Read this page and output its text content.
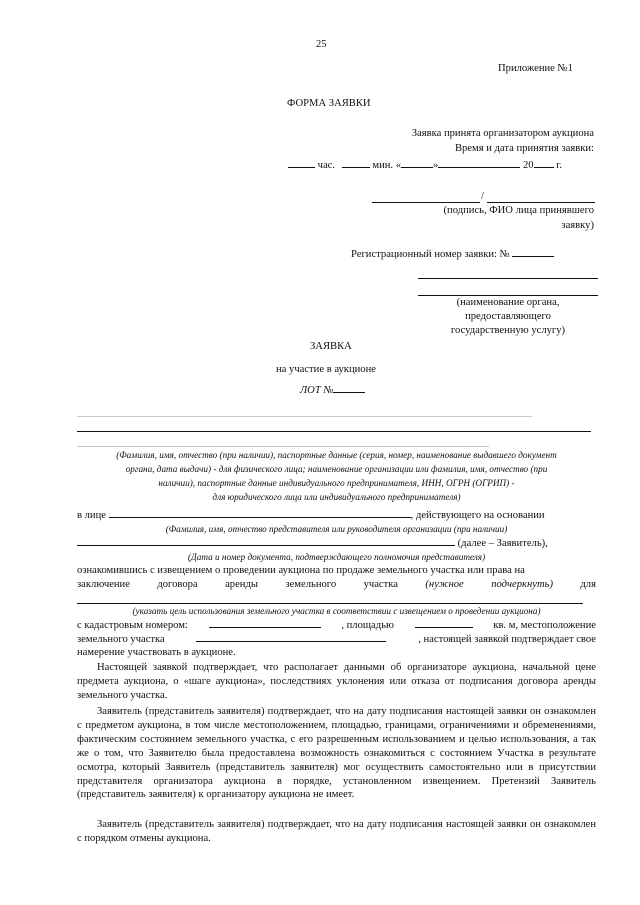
25
Приложение №1
ФОРМА ЗАЯВКИ
Заявка принята организатором аукциона
Время и дата принятия заявки:
час.	мин. «	»	20 г.
/
(подпись, ФИО лица принявшего
заявку)
Регистрационный номер заявки: №
(наименование органа,
предоставляющего
государственную услугу)
ЗАЯВКА
на участие в аукционе
ЛОТ №
(Фамилия, имя, отчество (при наличии), паспортные данные (серия, номер, наименование выдавшего документ
органа, дата выдачи) - для физического лица; наименование организации или фамилия, имя, отчество (при
наличии), паспортные данные индивидуального предпринимателя, ИНН, ОГРН (ОГРИП) -
для юридического лица или индивидуального предпринимателя)
в лице	, действующего на основании
(Фамилия, имя, отчество представителя или руководителя организации (при наличии)
(далее – Заявитель),
(Дата и номер документа, подтверждающего полномочия представителя)
ознакомившись с извещением о проведении аукциона по продаже земельного участка или права на
заключение	договора	аренды	земельного	участка	(нужное	подчеркнуть)	для
(указать цель использования земельного участка в соответствии с извещением о проведении аукциона)
с кадастровым номером:	, площадью	кв. м, местоположение
земельного участка	, настоящей заявкой подтверждает свое
намерение участвовать в аукционе.
Настоящей заявкой подтверждает, что располагает данными об организаторе аукциона, начальной цене предмета аукциона, о «шаге аукциона», последствиях уклонения или отказа от подписания договора аренды земельного участка.
Заявитель (представитель заявителя) подтверждает, что на дату подписания настоящей заявки он ознакомлен с предметом аукциона, в том числе местоположением, площадью, границами, ограничениями и обременениями, фактическим состоянием земельного участка, с его разрешенным использованием и целью использования, а так же о том, что Заявителю была предоставлена возможность ознакомиться с состоянием Участка в результате осмотра, который Заявитель (представитель заявителя) мог осуществить самостоятельно или в присутствии представителя организатора аукциона в порядке, установленном извещением. Претензий Заявитель (представитель заявителя) к организатору аукциона не имеет.
Заявитель (представитель заявителя) подтверждает, что на дату подписания настоящей заявки он ознакомлен с порядком отмены аукциона.
